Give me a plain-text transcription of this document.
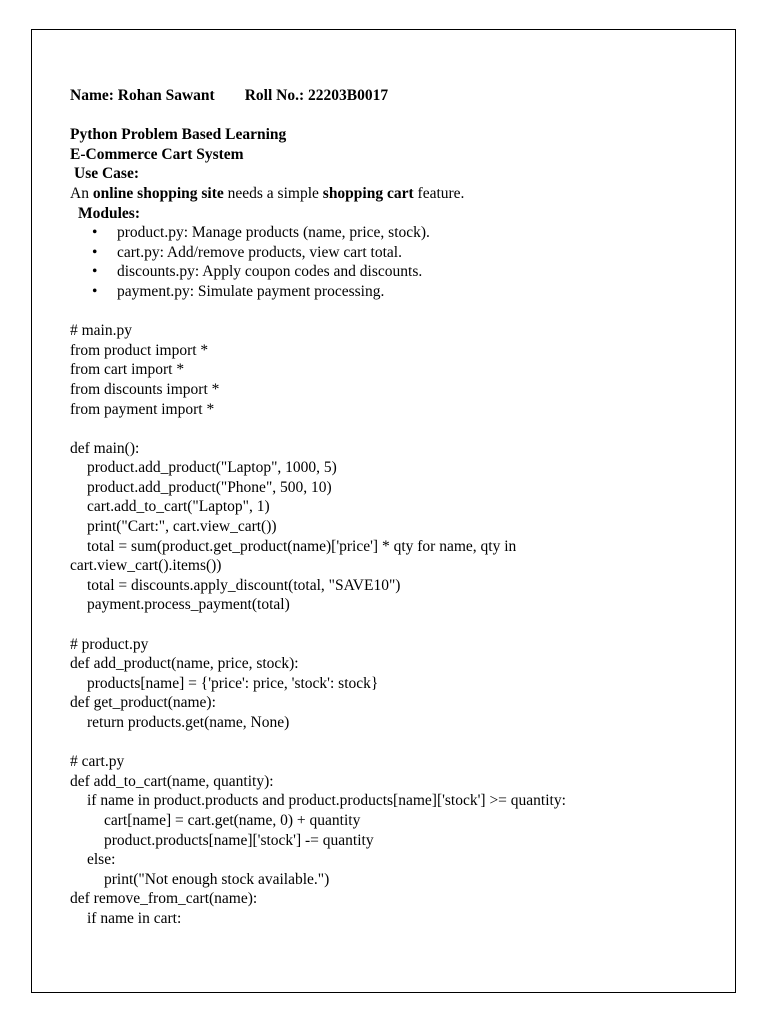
Name: Rohan Sawant Roll No.: 22203B0017
Python Problem Based Learning
E-Commerce Cart System
Use Case:
An online shopping site needs a simple shopping cart feature.
Modules:
• product.py: Manage products (name, price, stock).
• cart.py: Add/remove products, view cart total.
• discounts.py: Apply coupon codes and discounts.
• payment.py: Simulate payment processing.
# main.py
from product import *
from cart import *
from discounts import *
from payment import *
def main():
product.add_product("Laptop", 1000, 5)
product.add_product("Phone", 500, 10)
cart.add_to_cart("Laptop", 1)
print("Cart:", cart.view_cart())
total = sum(product.get_product(name)['price'] * qty for name, qty in
cart.view_cart().items())
total = discounts.apply_discount(total, "SAVE10")
payment.process_payment(total)
# product.py
def add_product(name, price, stock):
products[name] = {'price': price, 'stock': stock}
def get_product(name):
return products.get(name, None)
# cart.py
def add_to_cart(name, quantity):
if name in product.products and product.products[name]['stock'] >= quantity:
cart[name] = cart.get(name, 0) + quantity
product.products[name]['stock'] -= quantity
else:
print("Not enough stock available.")
def remove_from_cart(name):
if name in cart:
